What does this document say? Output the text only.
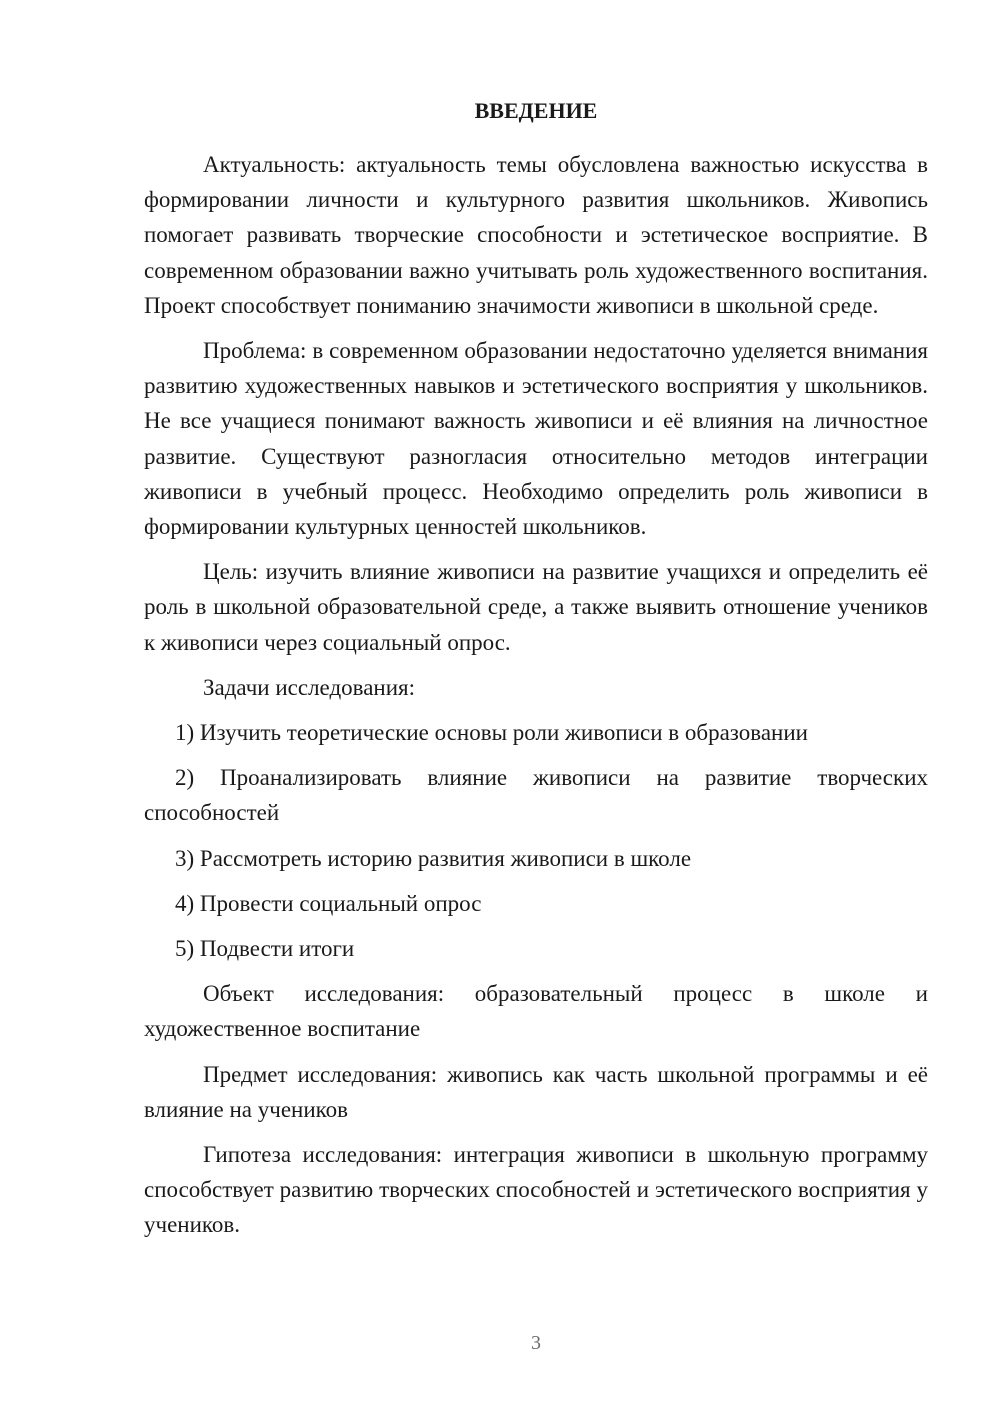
ВВЕДЕНИЕ

Актуальность: актуальность темы обусловлена важностью искусства в формировании личности и культурного развития школьников. Живопись помогает развивать творческие способности и эстетическое восприятие. В современном образовании важно учитывать роль художественного воспитания. Проект способствует пониманию значимости живописи в школьной среде.

Проблема: в современном образовании недостаточно уделяется внимания развитию художественных навыков и эстетического восприятия у школьников. Не все учащиеся понимают важность живописи и её влияния на личностное развитие. Существуют разногласия относительно методов интеграции живописи в учебный процесс. Необходимо определить роль живописи в формировании культурных ценностей школьников.

Цель: изучить влияние живописи на развитие учащихся и определить её роль в школьной образовательной среде, а также выявить отношение учеников к живописи через социальный опрос.

Задачи исследования:

1) Изучить теоретические основы роли живописи в образовании

2) Проанализировать влияние живописи на развитие творческих способностей

3) Рассмотреть историю развития живописи в школе

4) Провести социальный опрос

5) Подвести итоги

Объект исследования: образовательный процесс в школе и художественное воспитание

Предмет исследования: живопись как часть школьной программы и её влияние на учеников

Гипотеза исследования: интеграция живописи в школьную программу способствует развитию творческих способностей и эстетического восприятия у учеников.

3
